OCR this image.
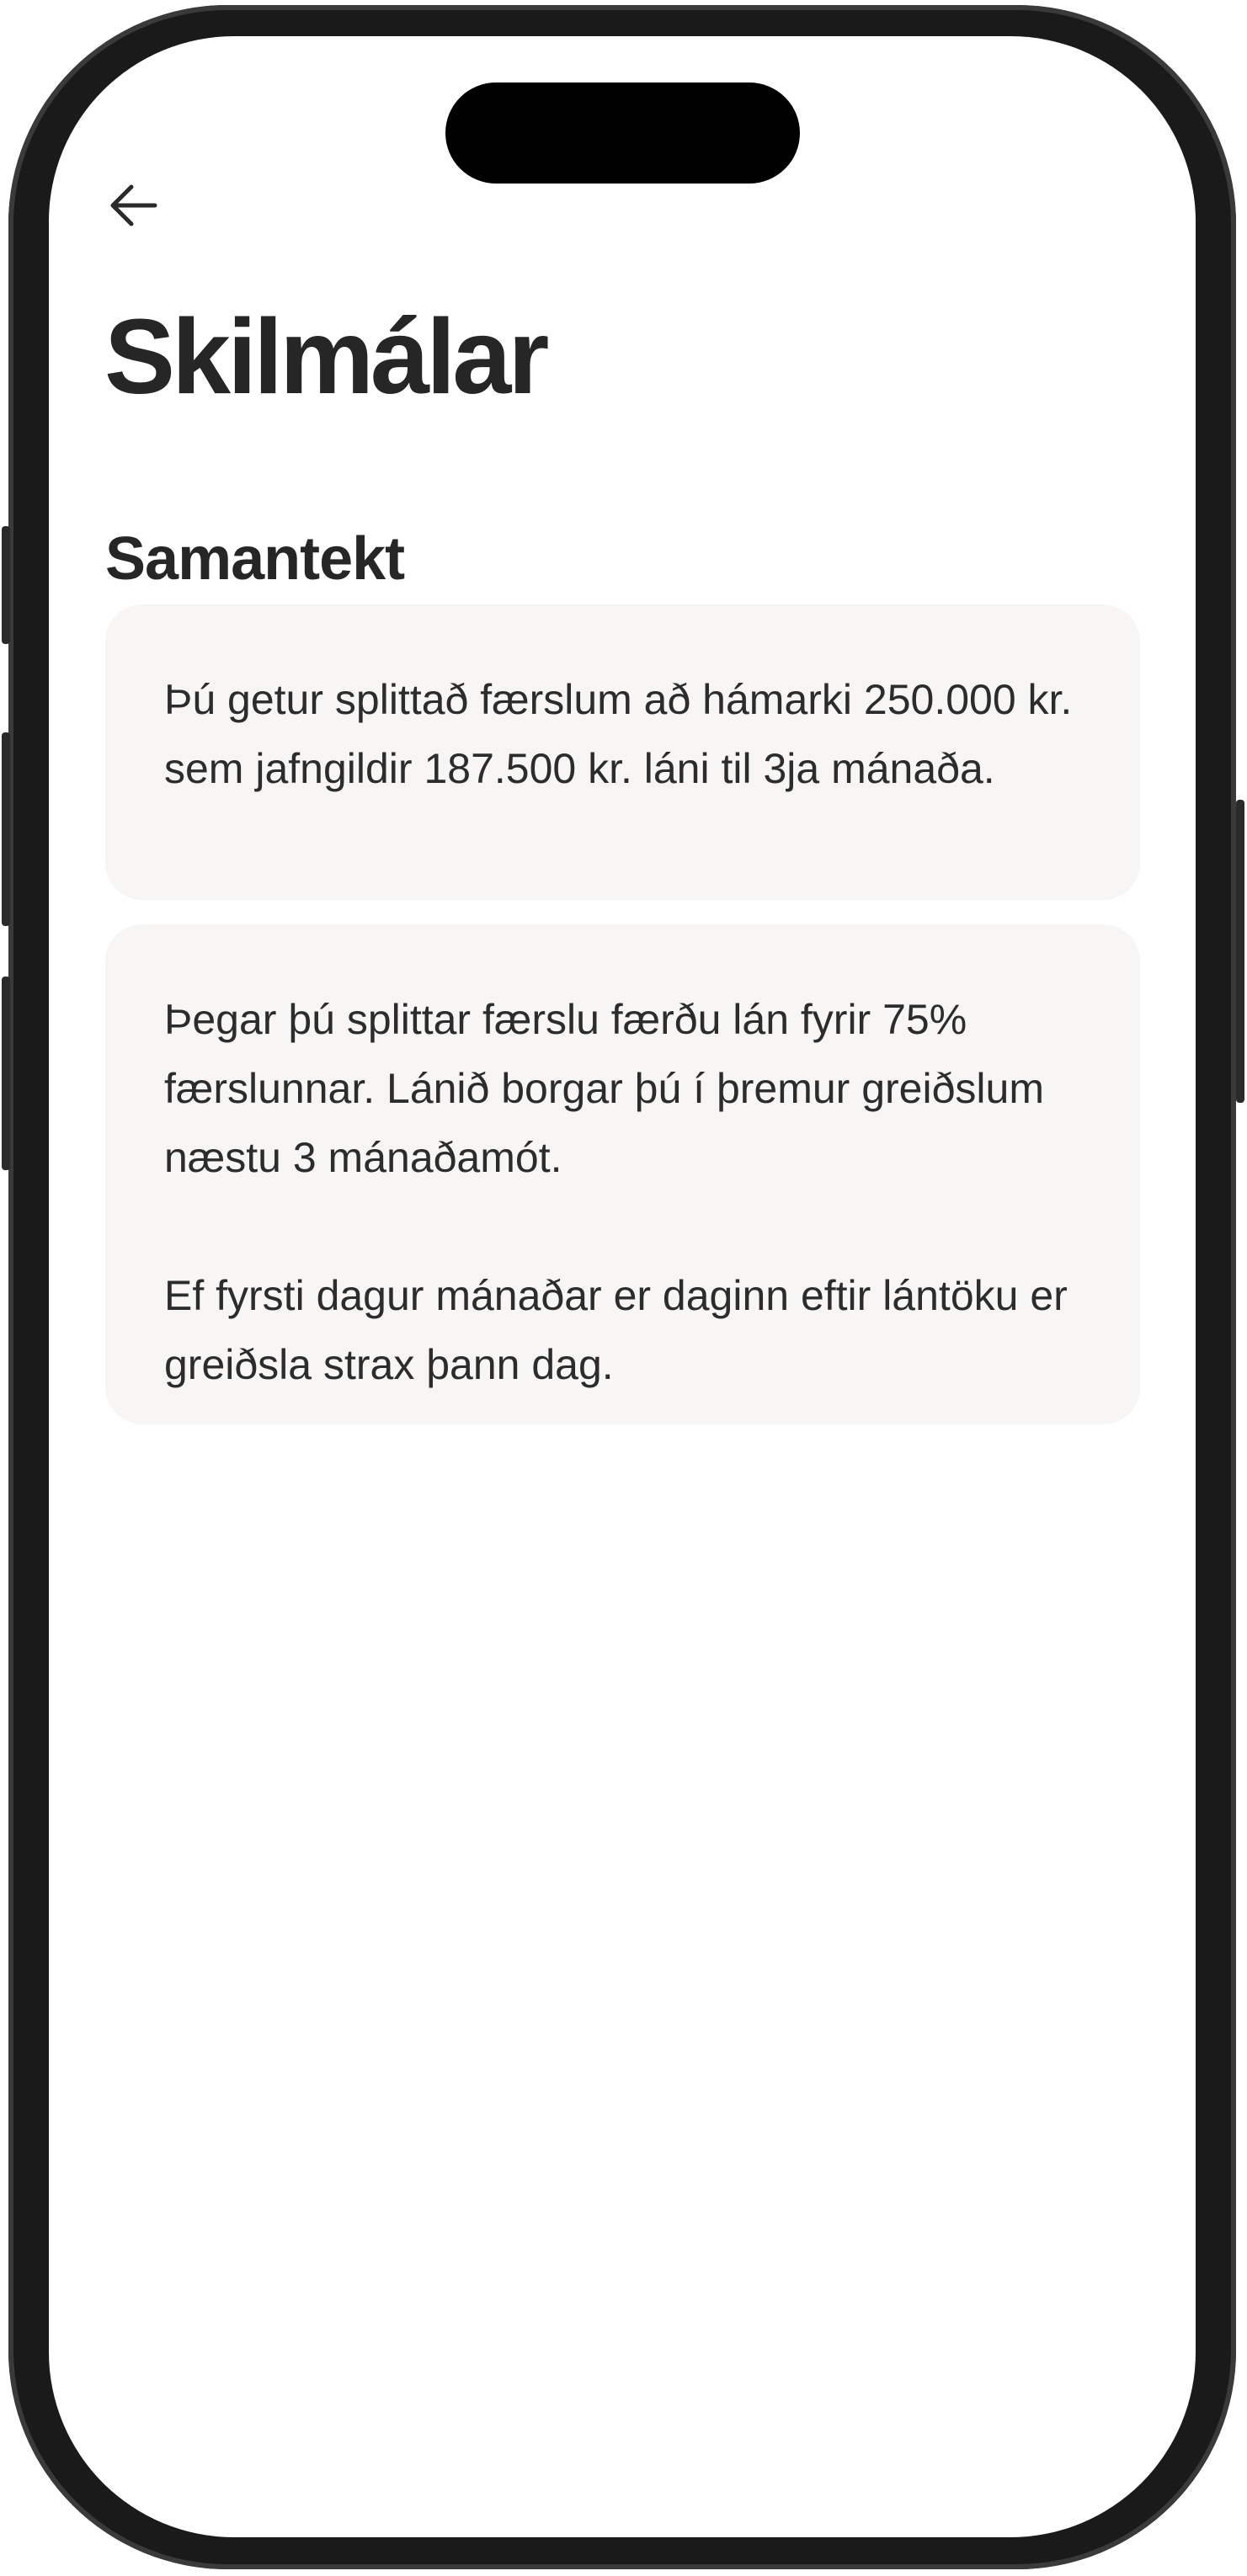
Skilmálar
Samantekt

Þú getur splittað færslum að hámarki 250.000 kr. sem jafngildir 187.500 kr. láni til 3ja mánaða.

Þegar þú splittar færslu færðu lán fyrir 75% færslunnar. Lánið borgar þú í þremur greiðslum næstu 3 mánaðamót.

Ef fyrsti dagur mánaðar er daginn eftir lántöku er greiðsla strax þann dag.
